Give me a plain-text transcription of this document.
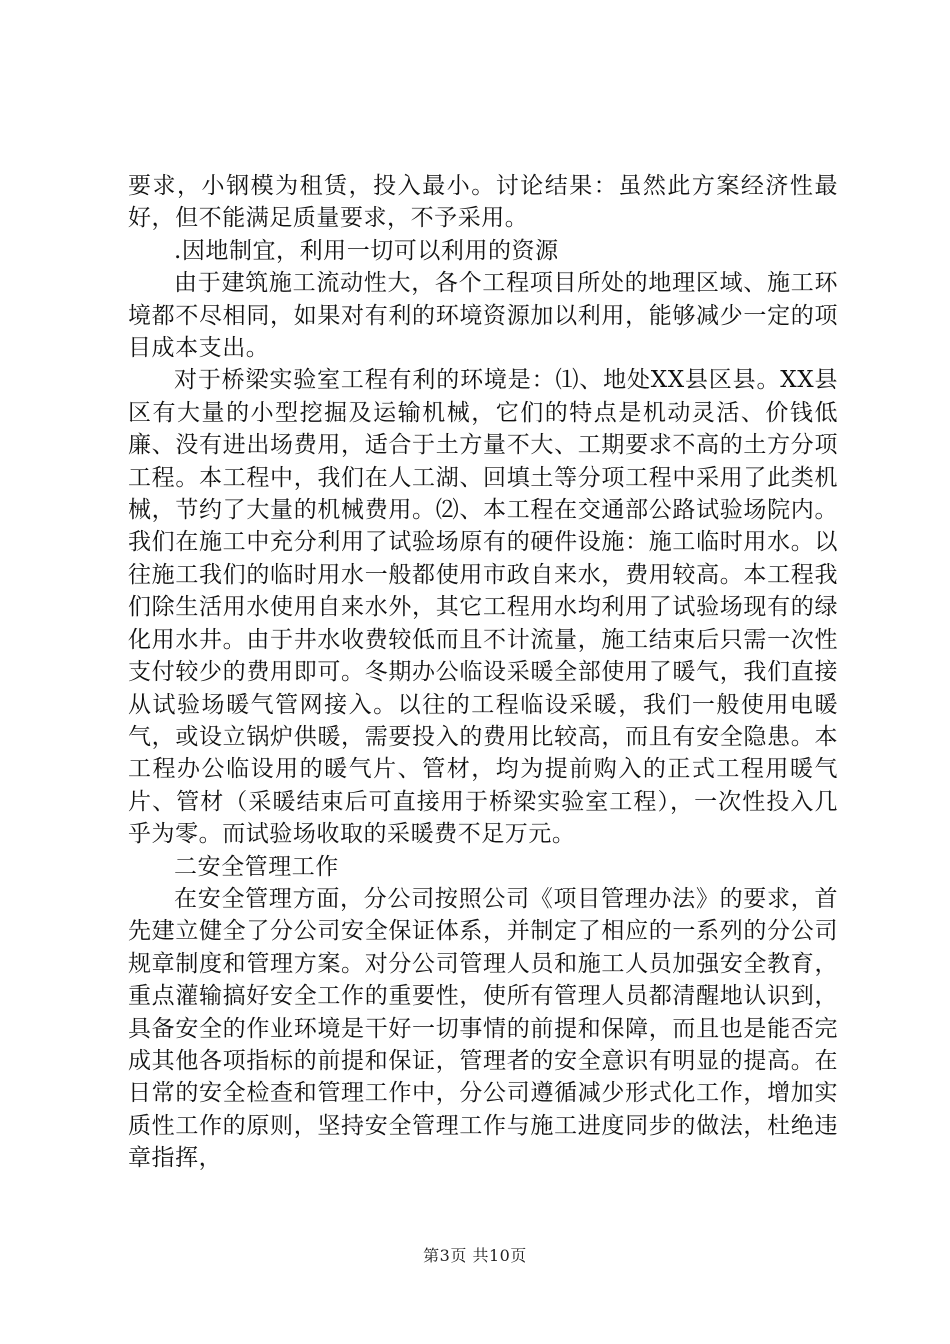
要求，小钢模为租赁，投入最小。讨论结果：虽然此方案经济性最好，但不能满足质量要求，不予采用。

.因地制宜，利用一切可以利用的资源

由于建筑施工流动性大，各个工程项目所处的地理区域、施工环境都不尽相同，如果对有利的环境资源加以利用，能够减少一定的项目成本支出。

对于桥梁实验室工程有利的环境是：⑴、地处XX县区县。XX县区有大量的小型挖掘及运输机械，它们的特点是机动灵活、价钱低廉、没有进出场费用，适合于土方量不大、工期要求不高的土方分项工程。本工程中，我们在人工湖、回填土等分项工程中采用了此类机械，节约了大量的机械费用。⑵、本工程在交通部公路试验场院内。我们在施工中充分利用了试验场原有的硬件设施：施工临时用水。以往施工我们的临时用水一般都使用市政自来水，费用较高。本工程我们除生活用水使用自来水外，其它工程用水均利用了试验场现有的绿化用水井。由于井水收费较低而且不计流量，施工结束后只需一次性支付较少的费用即可。冬期办公临设采暖全部使用了暖气，我们直接从试验场暖气管网接入。以往的工程临设采暖，我们一般使用电暖气，或设立锅炉供暖，需要投入的费用比较高，而且有安全隐患。本工程办公临设用的暖气片、管材，均为提前购入的正式工程用暖气片、管材（采暖结束后可直接用于桥梁实验室工程），一次性投入几乎为零。而试验场收取的采暖费不足万元。

二安全管理工作

在安全管理方面，分公司按照公司《项目管理办法》的要求，首先建立健全了分公司安全保证体系，并制定了相应的一系列的分公司规章制度和管理方案。对分公司管理人员和施工人员加强安全教育，重点灌输搞好安全工作的重要性，使所有管理人员都清醒地认识到，具备安全的作业环境是干好一切事情的前提和保障，而且也是能否完成其他各项指标的前提和保证，管理者的安全意识有明显的提高。在日常的安全检查和管理工作中，分公司遵循减少形式化工作，增加实质性工作的原则，坚持安全管理工作与施工进度同步的做法，杜绝违章指挥，

第3页 共10页
